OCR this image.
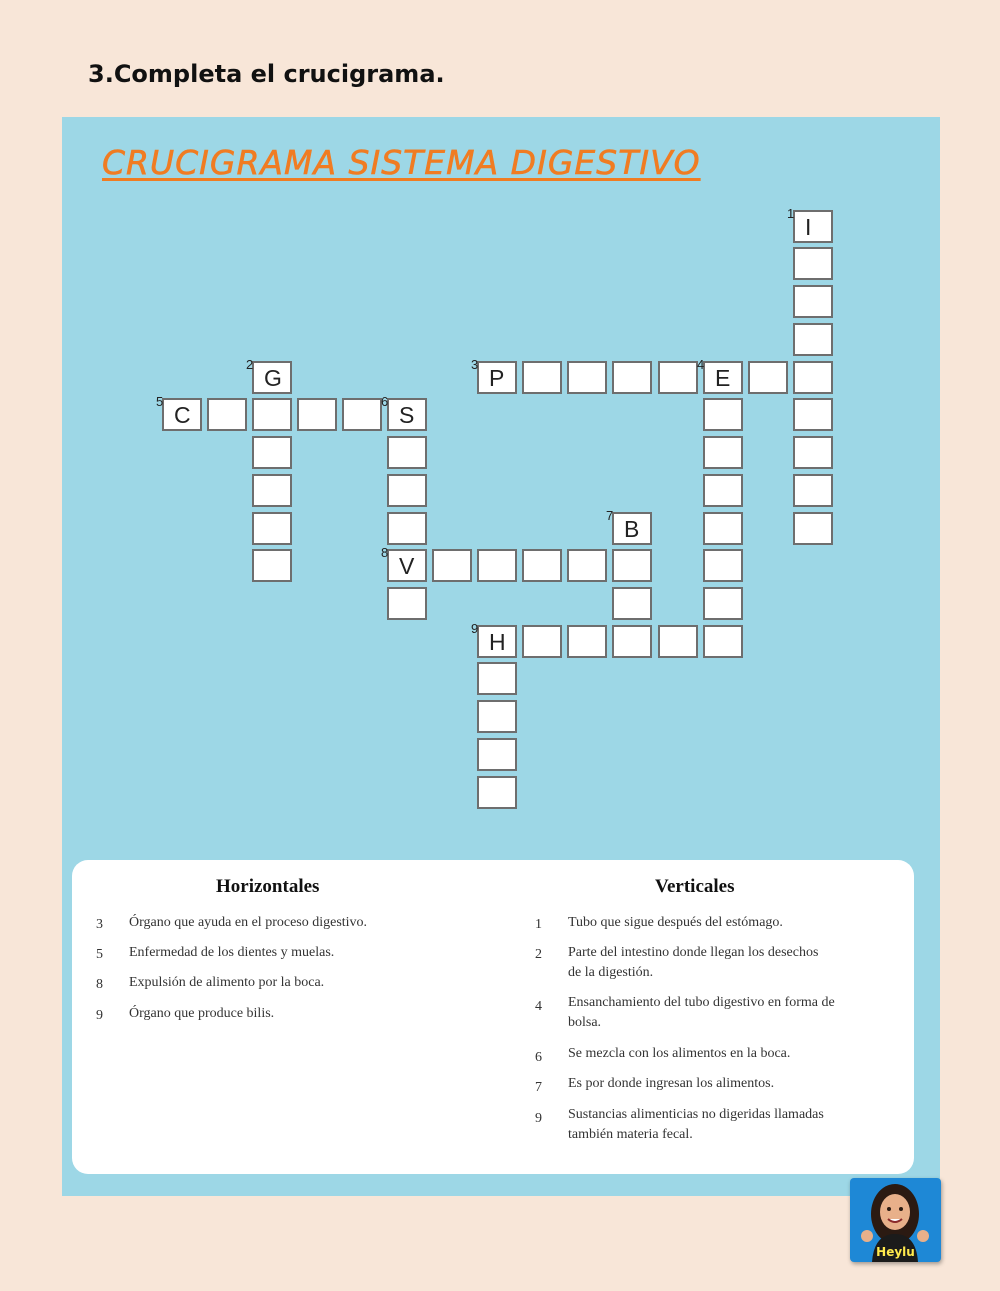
3.Completa el crucigrama.
CRUCIGRAMA SISTEMA DIGESTIVO
1
I
3
P
4
E
2
G
5
C
6
S
8
V
7
B
9
H
Horizontales	Verticales
3	Órgano que ayuda en el proceso digestivo.
5	Enfermedad de los dientes y muelas.
8	Expulsión de alimento por la boca.
9	Órgano que produce bilis.
1	Tubo que sigue después del estómago.
2	Parte del intestino donde llegan los desechos
de la digestión.
4	Ensanchamiento del tubo digestivo en forma de
bolsa.
6	Se mezcla con los alimentos en la boca.
7	Es por donde ingresan los alimentos.
9	Sustancias alimenticias no digeridas llamadas
también materia fecal.
Heylu
